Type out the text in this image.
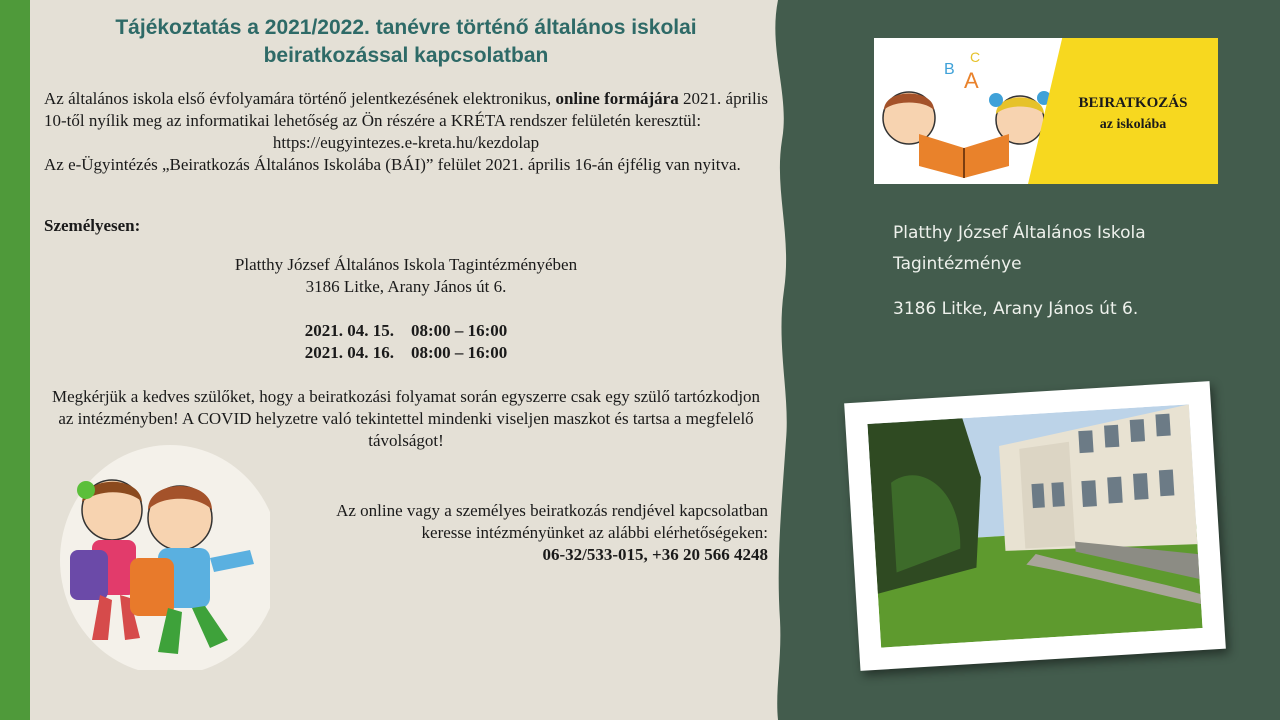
Tájékoztatás a 2021/2022. tanévre történő általános iskolai
beiratkozással kapcsolatban

Az általános iskola első évfolyamára történő jelentkezésének elektronikus, online formájára 2021. április 10-től nyílik meg az informatikai lehetőség az Ön részére a KRÉTA rendszer felületén keresztül:

https://eugyintezes.e-kreta.hu/kezdolap

Az e-Ügyintézés „Beiratkozás Általános Iskolába (BÁI)” felület 2021. április 16-án éjfélig van nyitva.

Személyesen:

Platthy József Általános Iskola Tagintézményében

3186 Litke, Arany János út 6.

2021. 04. 15. 08:00 – 16:00

2021. 04. 16. 08:00 – 16:00

Megkérjük a kedves szülőket, hogy a beiratkozási folyamat során egyszerre csak egy szülő tartózkodjon az intézményben! A COVID helyzetre való tekintettel mindenki viseljen maszkot és tartsa a megfelelő távolságot!

Az online vagy a személyes beiratkozás rendjével kapcsolatban

keresse intézményünket az alábbi elérhetőségeken:

06-32/533-015, +36 20 566 4248

A
B
C
BEIRATKOZÁS
az iskolába
Platthy József Általános Iskola
Tagintézménye
3186 Litke, Arany János út 6.
